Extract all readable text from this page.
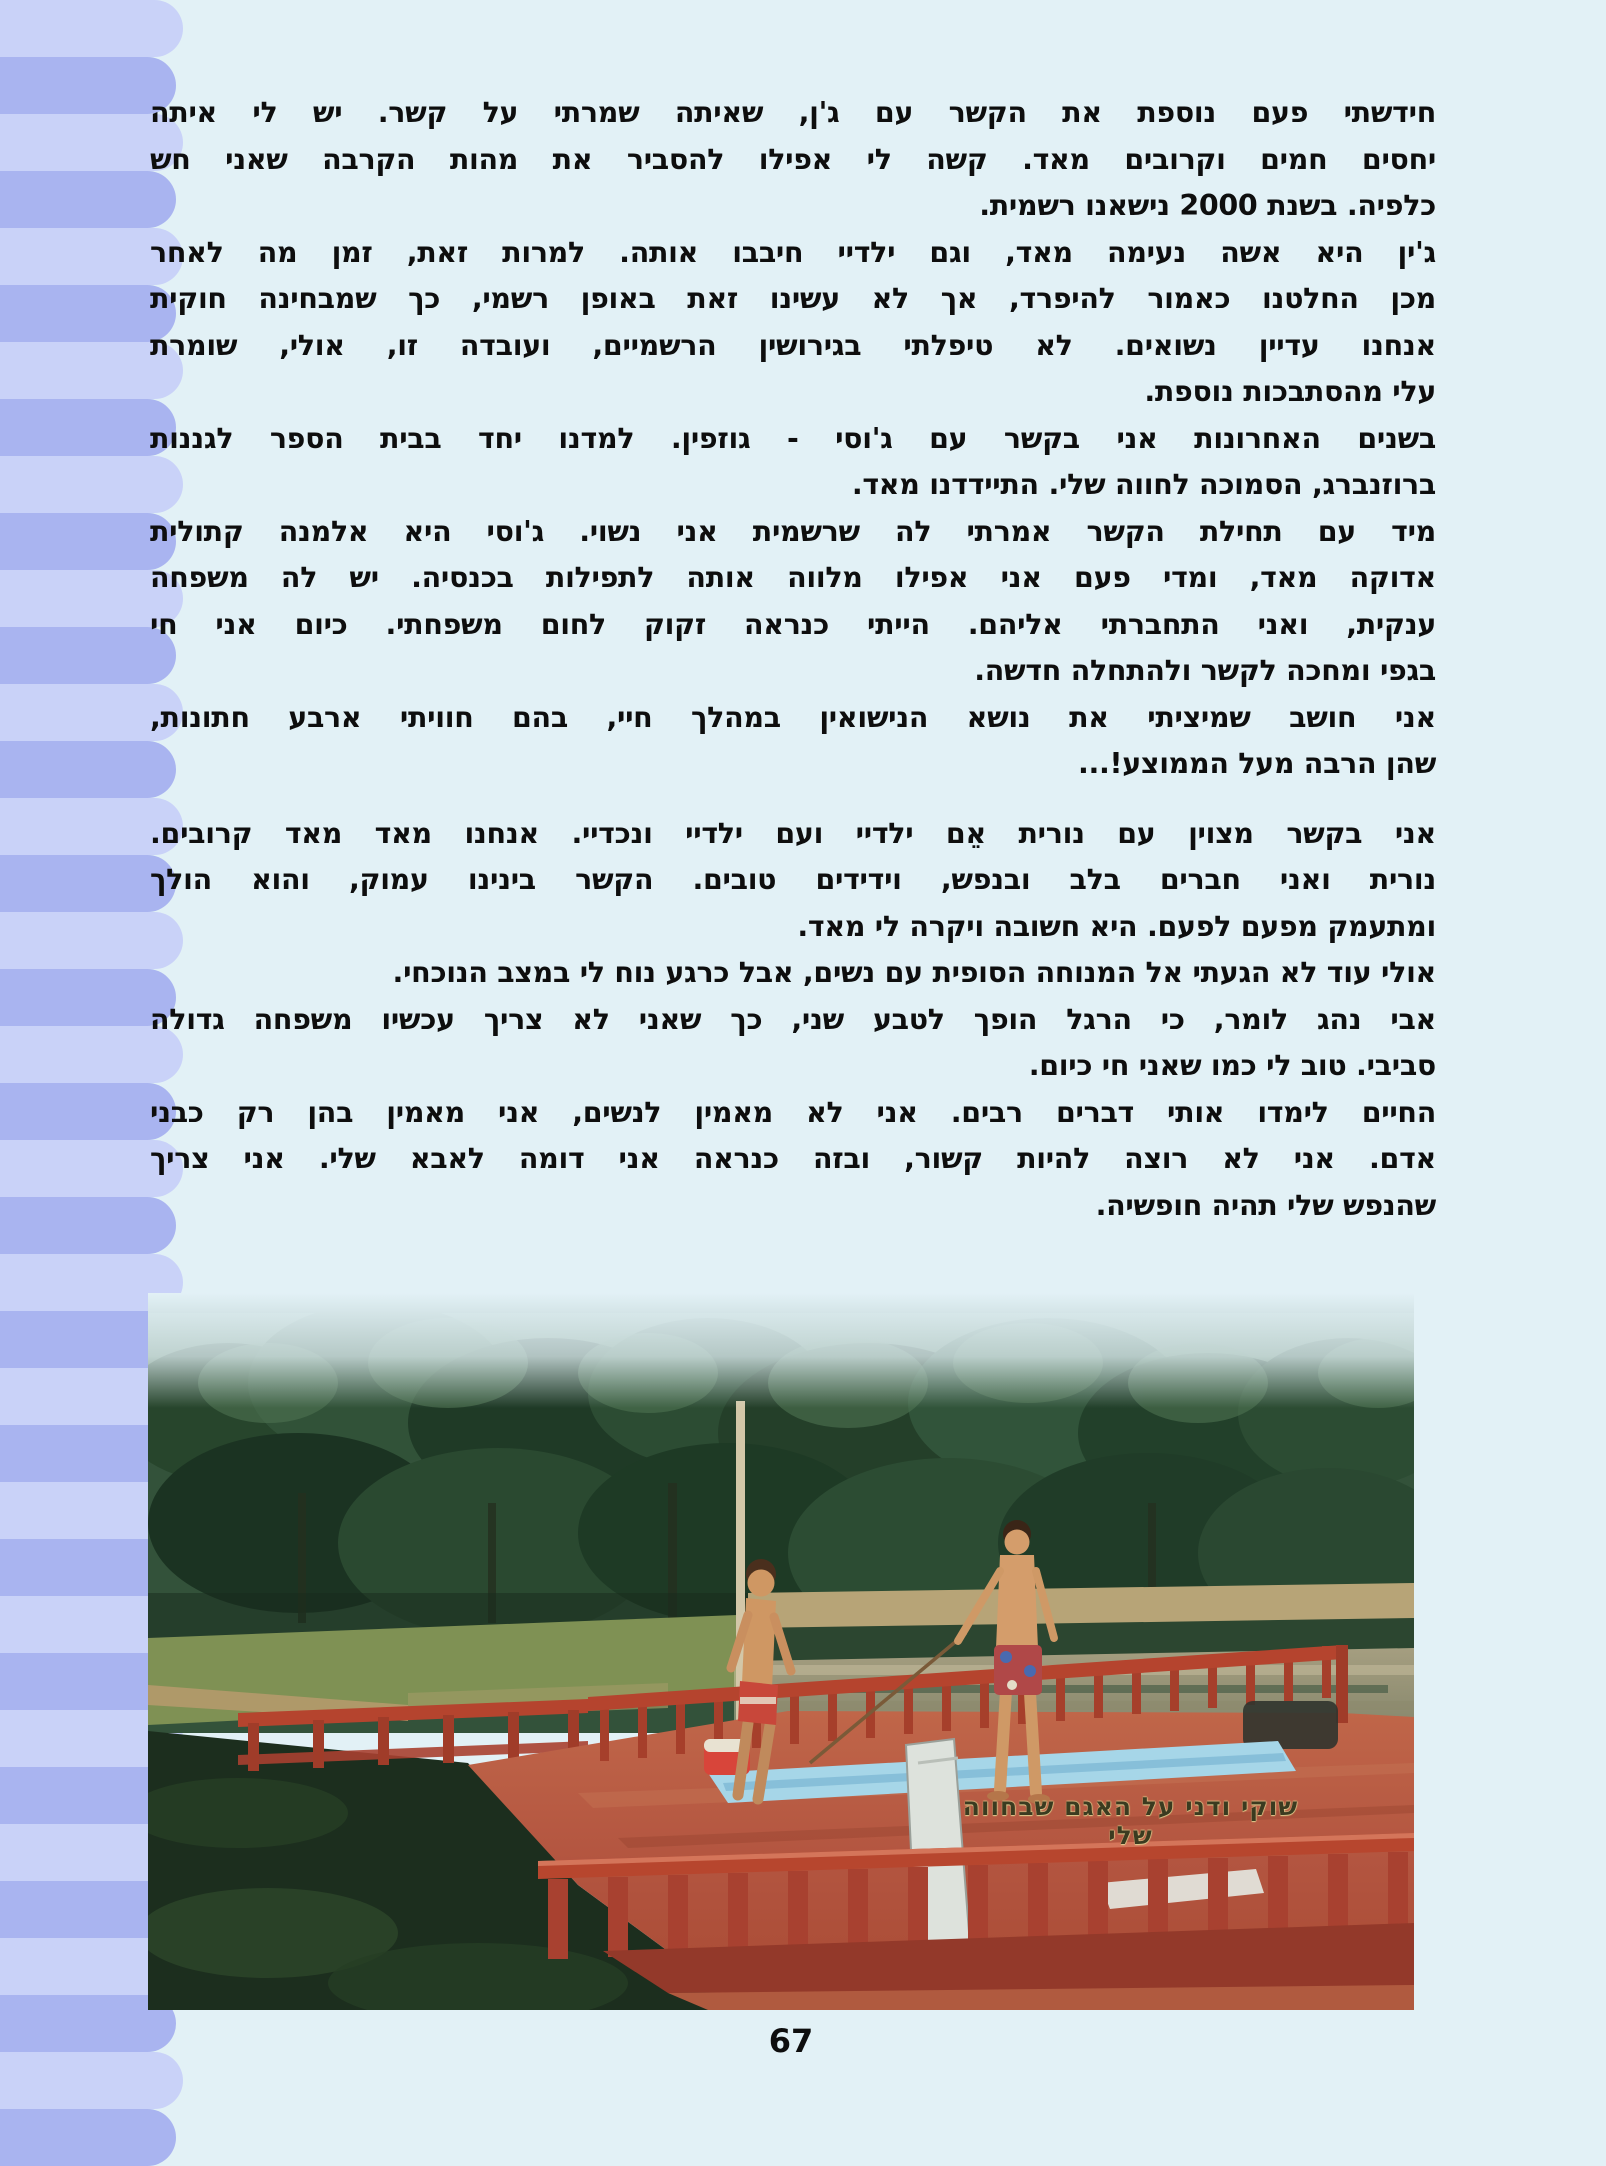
חידשתי פעם נוספת את הקשר עם ג'ן, שאיתה שמרתי על קשר. יש לי איתה
יחסים חמים וקרובים מאד. קשה לי אפילו להסביר את מהות הקרבה שאני חש
כלפיה. בשנת 2000 נישאנו רשמית.
ג'ין היא אשה נעימה מאד, וגם ילדיי חיבבו אותה. למרות זאת, זמן מה לאחר
מכן החלטנו כאמור להיפרד, אך לא עשינו זאת באופן רשמי, כך שמבחינה חוקית
אנחנו עדיין נשואים. לא טיפלתי בגירושין הרשמיים, ועובדה זו, אולי, שומרת
עלי מהסתבכות נוספת.
בשנים האחרונות אני בקשר עם ג'וסי - גוזפין. למדנו יחד בבית הספר לגננות
ברוזנברג, הסמוכה לחווה שלי. התיידדנו מאד.
מיד עם תחילת הקשר אמרתי לה שרשמית אני נשוי. ג'וסי היא אלמנה קתולית
אדוקה מאד, ומדי פעם אני אפילו מלווה אותה לתפילות בכנסיה. יש לה משפחה
ענקית, ואני התחברתי אליהם. הייתי כנראה זקוק לחום משפחתי. כיום אני חי
בגפי ומחכה לקשר ולהתחלה חדשה.
אני חושב שמיציתי את נושא הנישואין במהלך חיי, בהם חוויתי ארבע חתונות,
שהן הרבה מעל הממוצע!...
אני בקשר מצוין עם נורית אֵם ילדיי ועם ילדיי ונכדיי. אנחנו מאד מאד קרובים.
נורית ואני חברים בלב ובנפש, וידידים טובים. הקשר בינינו עמוק, והוא הולך
ומתעמק מפעם לפעם. היא חשובה ויקרה לי מאד.
אולי עוד לא הגעתי אל המנוחה הסופית עם נשים, אבל כרגע נוח לי במצב הנוכחי.
אבי נהג לומר, כי הרגל הופך לטבע שני, כך שאני לא צריך עכשיו משפחה גדולה
סביבי. טוב לי כמו שאני חי כיום.
החיים לימדו אותי דברים רבים. אני לא מאמין לנשים, אני מאמין בהן רק כבני
אדם. אני לא רוצה להיות קשור, ובזה כנראה אני דומה לאבא שלי. אני צריך
שהנפש שלי תהיה חופשיה.
שוקי ודני על האגם שבחווה שלי
67
